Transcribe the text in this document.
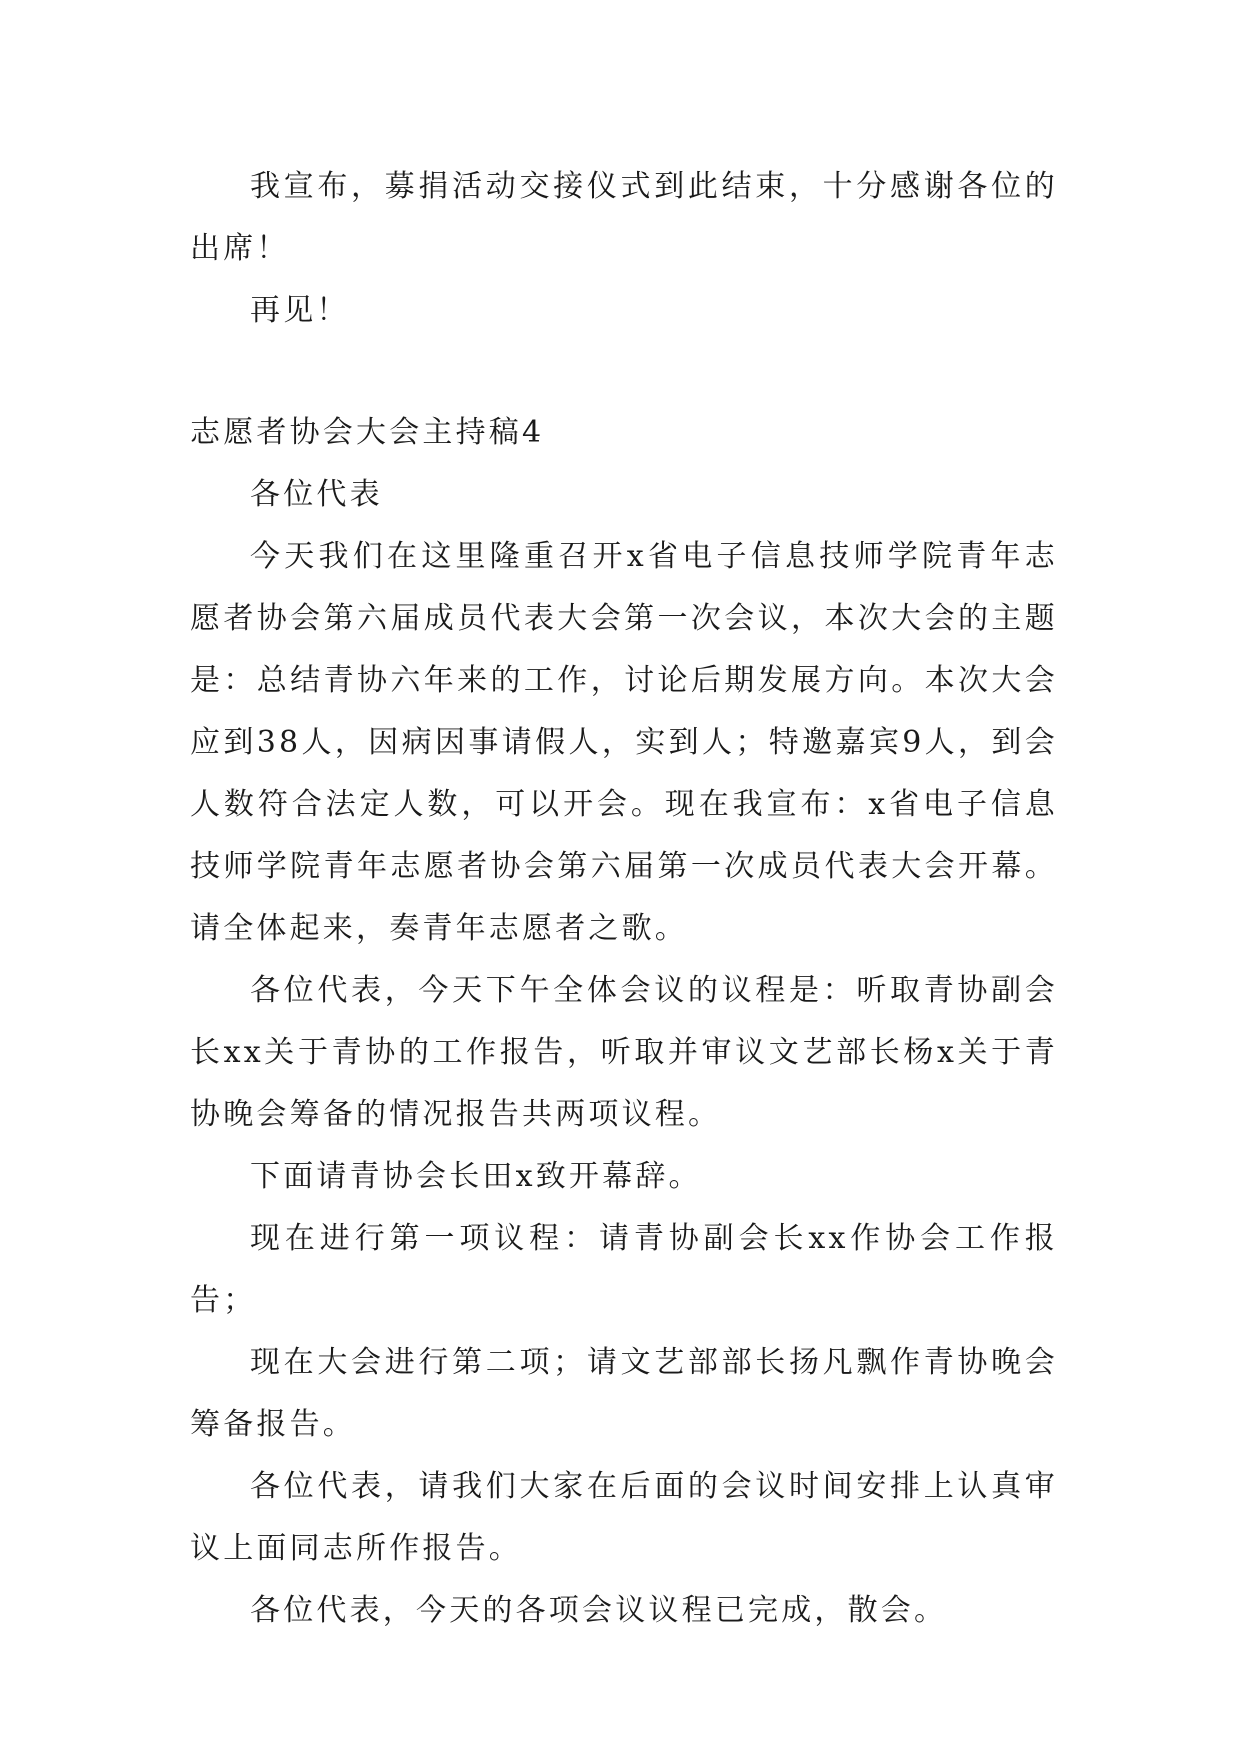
我宣布，募捐活动交接仪式到此结束，十分感谢各位的出席！

再见！

志愿者协会大会主持稿4

各位代表

今天我们在这里隆重召开x省电子信息技师学院青年志愿者协会第六届成员代表大会第一次会议，本次大会的主题是：总结青协六年来的工作，讨论后期发展方向。本次大会应到38人，因病因事请假人，实到人；特邀嘉宾9人，到会人数符合法定人数，可以开会。现在我宣布：x省电子信息技师学院青年志愿者协会第六届第一次成员代表大会开幕。请全体起来，奏青年志愿者之歌。

各位代表，今天下午全体会议的议程是：听取青协副会长xx关于青协的工作报告，听取并审议文艺部长杨x关于青协晚会筹备的情况报告共两项议程。

下面请青协会长田x致开幕辞。

现在进行第一项议程：请青协副会长xx作协会工作报告；

现在大会进行第二项；请文艺部部长扬凡飘作青协晚会筹备报告。

各位代表，请我们大家在后面的会议时间安排上认真审议上面同志所作报告。

各位代表，今天的各项会议议程已完成，散会。
